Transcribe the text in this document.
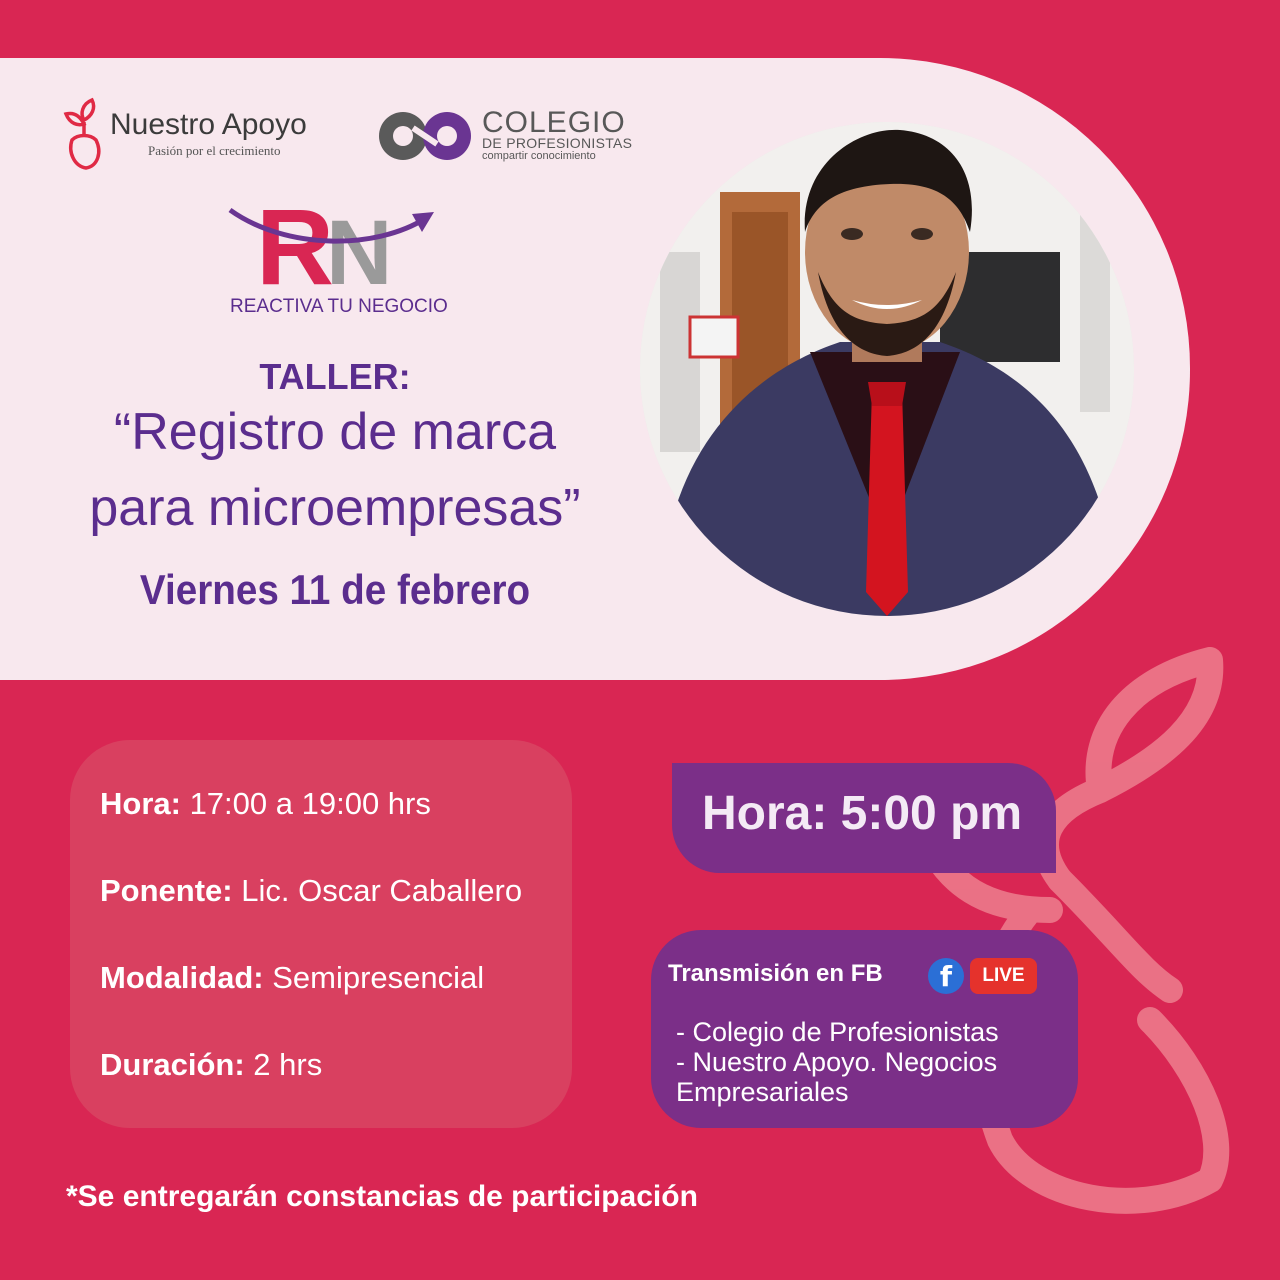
Nuestro Apoyo
Pasión por el crecimiento
COLEGIO
DE PROFESIONISTAS
compartir conocimiento
R
N
REACTIVA TU NEGOCIO
TALLER:
“Registro de marca
para microempresas”
Viernes 11 de febrero
Hora: 17:00 a 19:00 hrs
Ponente: Lic. Oscar Caballero
Modalidad: Semipresencial
Duración: 2 hrs
Hora: 5:00 pm
Transmisión en FB	f	LIVE
- Colegio de Profesionistas
- Nuestro Apoyo. Negocios
Empresariales
*Se entregarán constancias de participación
